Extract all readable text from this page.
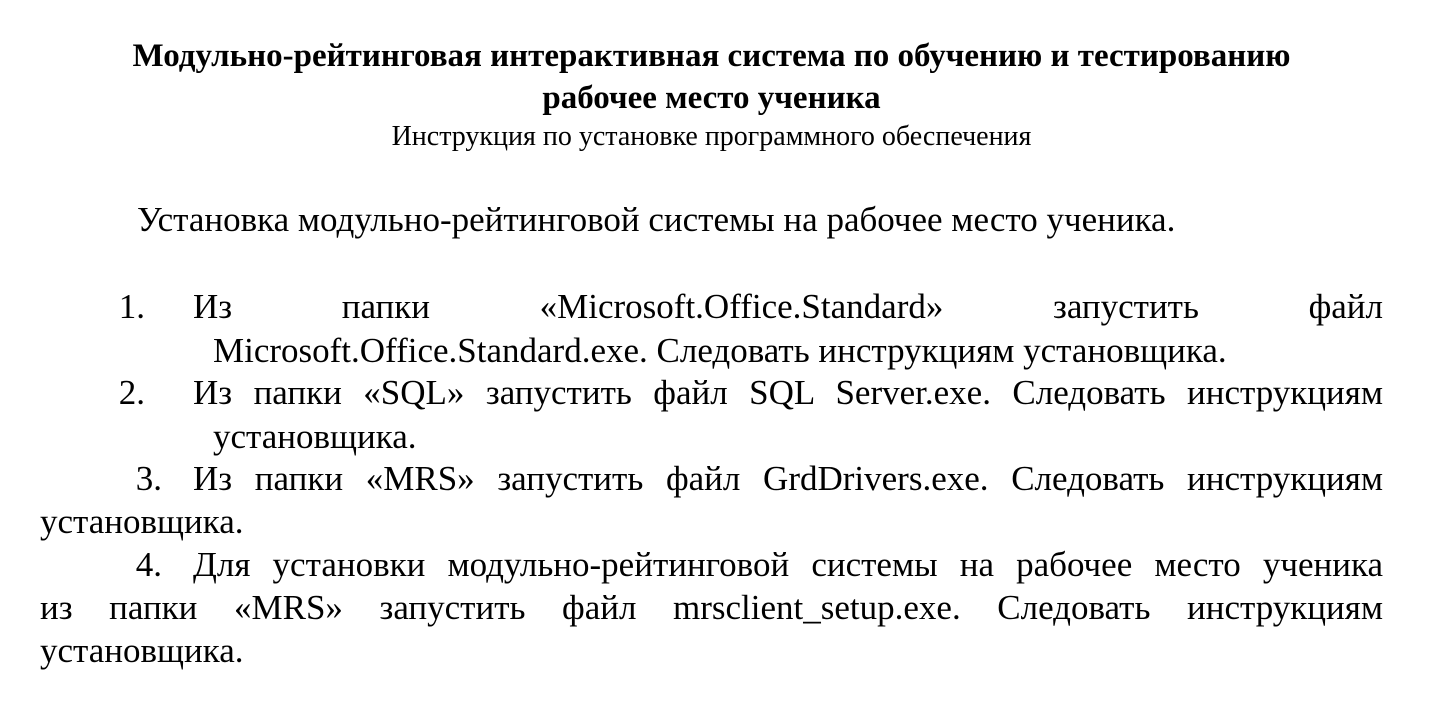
Модульно-рейтинговая интерактивная система по обучению и тестированию
рабочее место ученика
Инструкция по установке программного обеспечения
Установка модульно-рейтинговой системы на рабочее место ученика.
1. Из папки «Microsoft.Office.Standard» запустить файл
Microsoft.Office.Standard.exe. Следовать инструкциям установщика.
2. Из папки «SQL» запустить файл SQL Server.exe. Следовать инструкциям
установщика.
3. Из папки «MRS» запустить файл GrdDrivers.exe. Следовать инструкциям
установщика.
4. Для установки модульно-рейтинговой системы на рабочее место ученика
из папки «MRS» запустить файл mrsclient_setup.exe. Следовать инструкциям
установщика.
